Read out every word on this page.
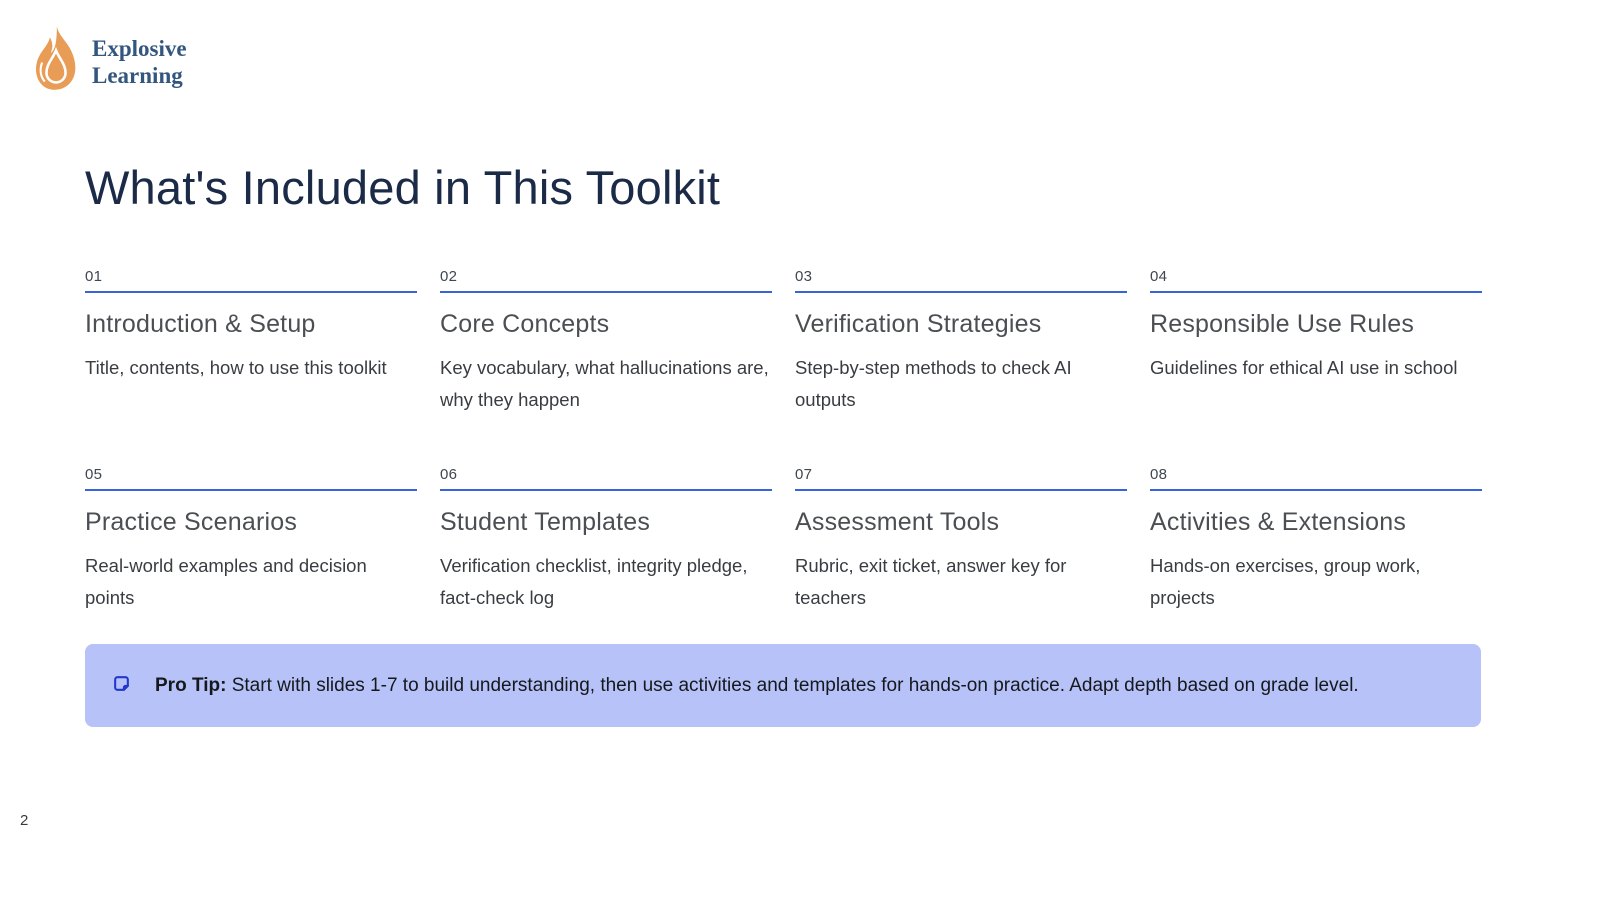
Explosive
Learning
What's Included in This Toolkit
01
Introduction & Setup
Title, contents, how to use this toolkit
02
Core Concepts
Key vocabulary, what hallucinations are, why they happen
03
Verification Strategies
Step-by-step methods to check AI outputs
04
Responsible Use Rules
Guidelines for ethical AI use in school
05
Practice Scenarios
Real-world examples and decision points
06
Student Templates
Verification checklist, integrity pledge, fact-check log
07
Assessment Tools
Rubric, exit ticket, answer key for teachers
08
Activities & Extensions
Hands-on exercises, group work, projects
Pro Tip: Start with slides 1-7 to build understanding, then use activities and templates for hands-on practice. Adapt depth based on grade level.
2
